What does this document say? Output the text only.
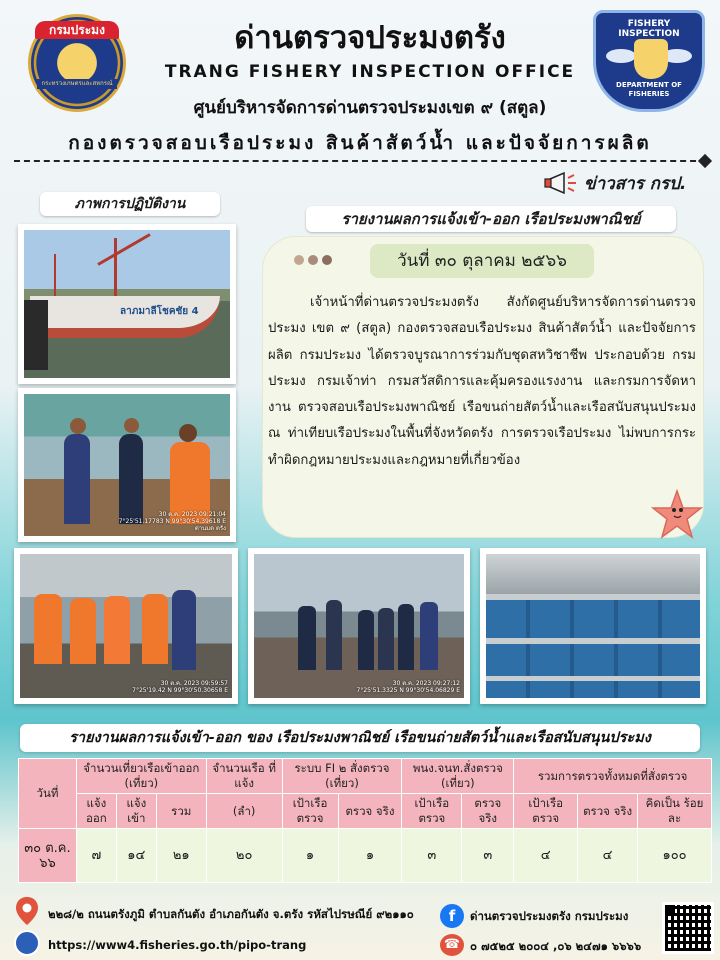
กรมประมง
กระทรวงเกษตรและสหกรณ์
FISHERY INSPECTION
DEPARTMENT OF FISHERIES
ด่านตรวจประมงตรัง
TRANG FISHERY INSPECTION OFFICE
ศูนย์บริหารจัดการด่านตรวจประมงเขต ๙ (สตูล)
กองตรวจสอบเรือประมง สินค้าสัตว์น้ำ และปัจจัยการผลิต
ข่าวสาร กรป.
ภาพการปฏิบัติงาน
รายงานผลการแจ้งเข้า-ออก เรือประมงพาณิชย์
ลาภมาลีโชคชัย 4
30 ต.ค. 2023 09:21:04
7°25'51.17783 N 99°30'54.39618 E
ด่านมด ตรัง
30 ต.ค. 2023 09:59:57
7°25'19.42 N 99°30'50.30658 E
30 ต.ค. 2023 09:27:12
7°25'51.3325 N 99°30'54.06829 E
วันที่ ๓๐ ตุลาคม ๒๕๖๖
เจ้าหน้าที่ด่านตรวจประมงตรัง สังกัดศูนย์บริหารจัดการด่านตรวจประมง เขต ๙ (สตูล) กองตรวจสอบเรือประมง สินค้าสัตว์น้ำ และปัจจัยการผลิต กรมประมง ได้ตรวจบูรณาการร่วมกับชุดสหวิชาชีพ ประกอบด้วย กรมประมง กรมเจ้าท่า กรมสวัสดิการและคุ้มครองแรงงาน และกรมการจัดหางาน ตรวจสอบเรือประมงพาณิชย์ เรือขนถ่ายสัตว์น้ำและเรือสนับสนุนประมง ณ ท่าเทียบเรือประมงในพื้นที่จังหวัดตรัง การตรวจเรือประมง ไม่พบการกระทำผิดกฎหมายประมงและกฎหมายที่เกี่ยวข้อง
รายงานผลการแจ้งเข้า-ออก ของ เรือประมงพาณิชย์ เรือขนถ่ายสัตว์น้ำและเรือสนับสนุนประมง
วันที่	จำนวนเที่ยวเรือเข้าออก (เที่ยว)			จำนวนเรือ ที่แจ้ง	ระบบ FI ๒ สั่งตรวจ (เที่ยว)		พนง.จนท.สั่งตรวจ (เที่ยว)		รวมการตรวจทั้งหมดที่สั่งตรวจ		
	แจ้ง ออก	แจ้ง เข้า	รวม	(ลำ)	เป้าเรือ ตรวจ	ตรวจ จริง	เป้าเรือ ตรวจ	ตรวจ จริง	เป้าเรือ ตรวจ	ตรวจ จริง	คิดเป็น ร้อยละ
๓๐ ต.ค. ๖๖	๗	๑๔	๒๑	๒๐	๑	๑	๓	๓	๔	๔	๑๐๐
๒๒๘/๒ ถนนตรังภูมิ ตำบลกันตัง อำเภอกันตัง จ.ตรัง รหัสไปรษณีย์ ๙๒๑๑๐
https://www4.fisheries.go.th/pipo-trang
f	ด่านตรวจประมงตรัง กรมประมง
☎ ๐ ๗๕๒๕ ๒๐๐๔ ,๐๖ ๒๔๗๑ ๖๖๖๖
